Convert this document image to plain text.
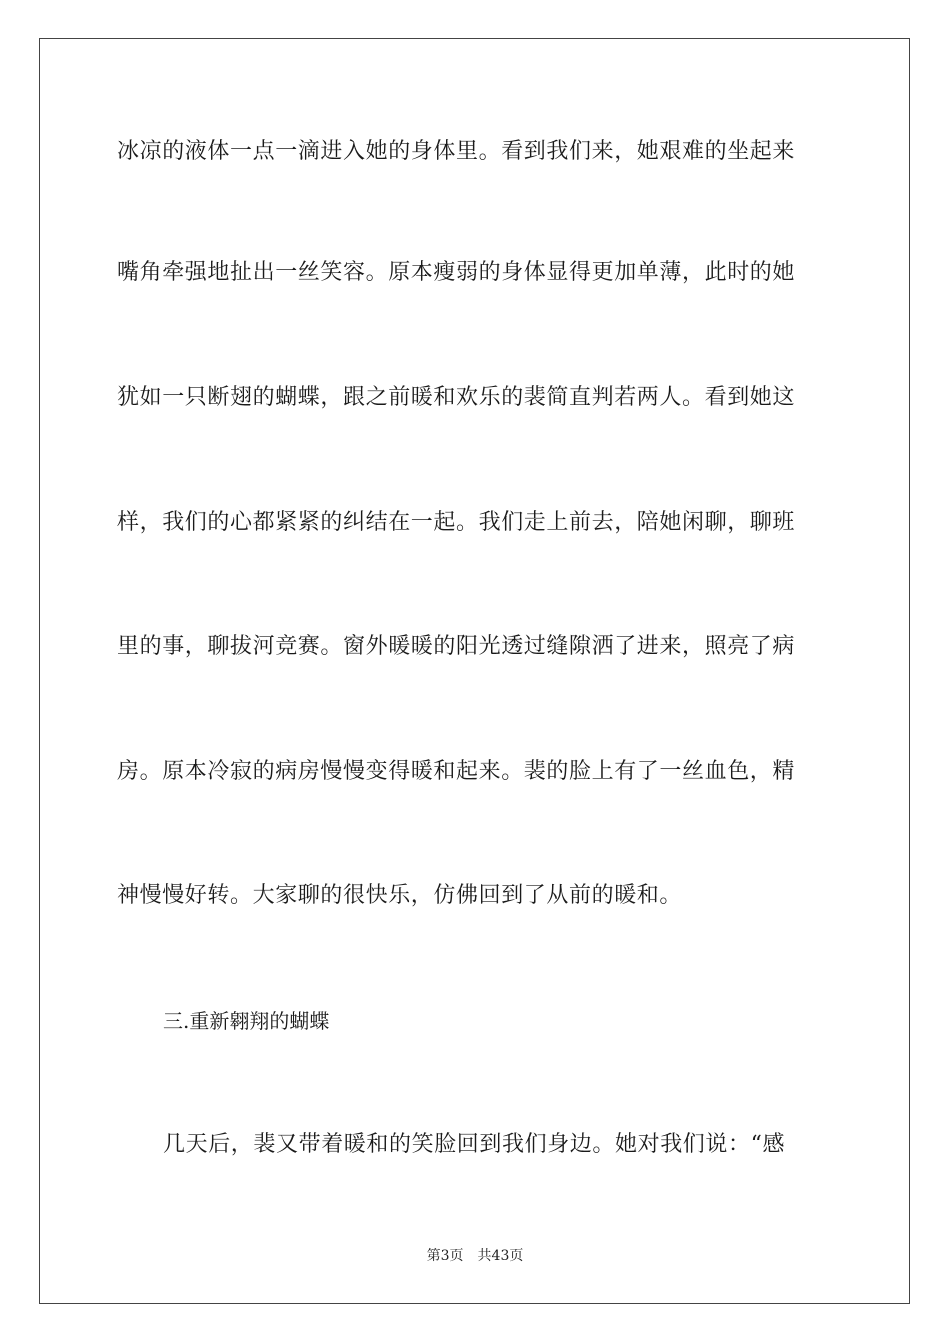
冰凉的液体一点一滴进入她的身体里。看到我们来，她艰难的坐起来
嘴角牵强地扯出一丝笑容。原本瘦弱的身体显得更加单薄，此时的她
犹如一只断翅的蝴蝶，跟之前暖和欢乐的裴简直判若两人。看到她这
样，我们的心都紧紧的纠结在一起。我们走上前去，陪她闲聊，聊班
里的事，聊拔河竞赛。窗外暖暖的阳光透过缝隙洒了进来，照亮了病
房。原本冷寂的病房慢慢变得暖和起来。裴的脸上有了一丝血色，精
神慢慢好转。大家聊的很快乐，仿佛回到了从前的暖和。
三.重新翱翔的蝴蝶
几天后，裴又带着暖和的笑脸回到我们身边。她对我们说：“感
第3页 共43页
